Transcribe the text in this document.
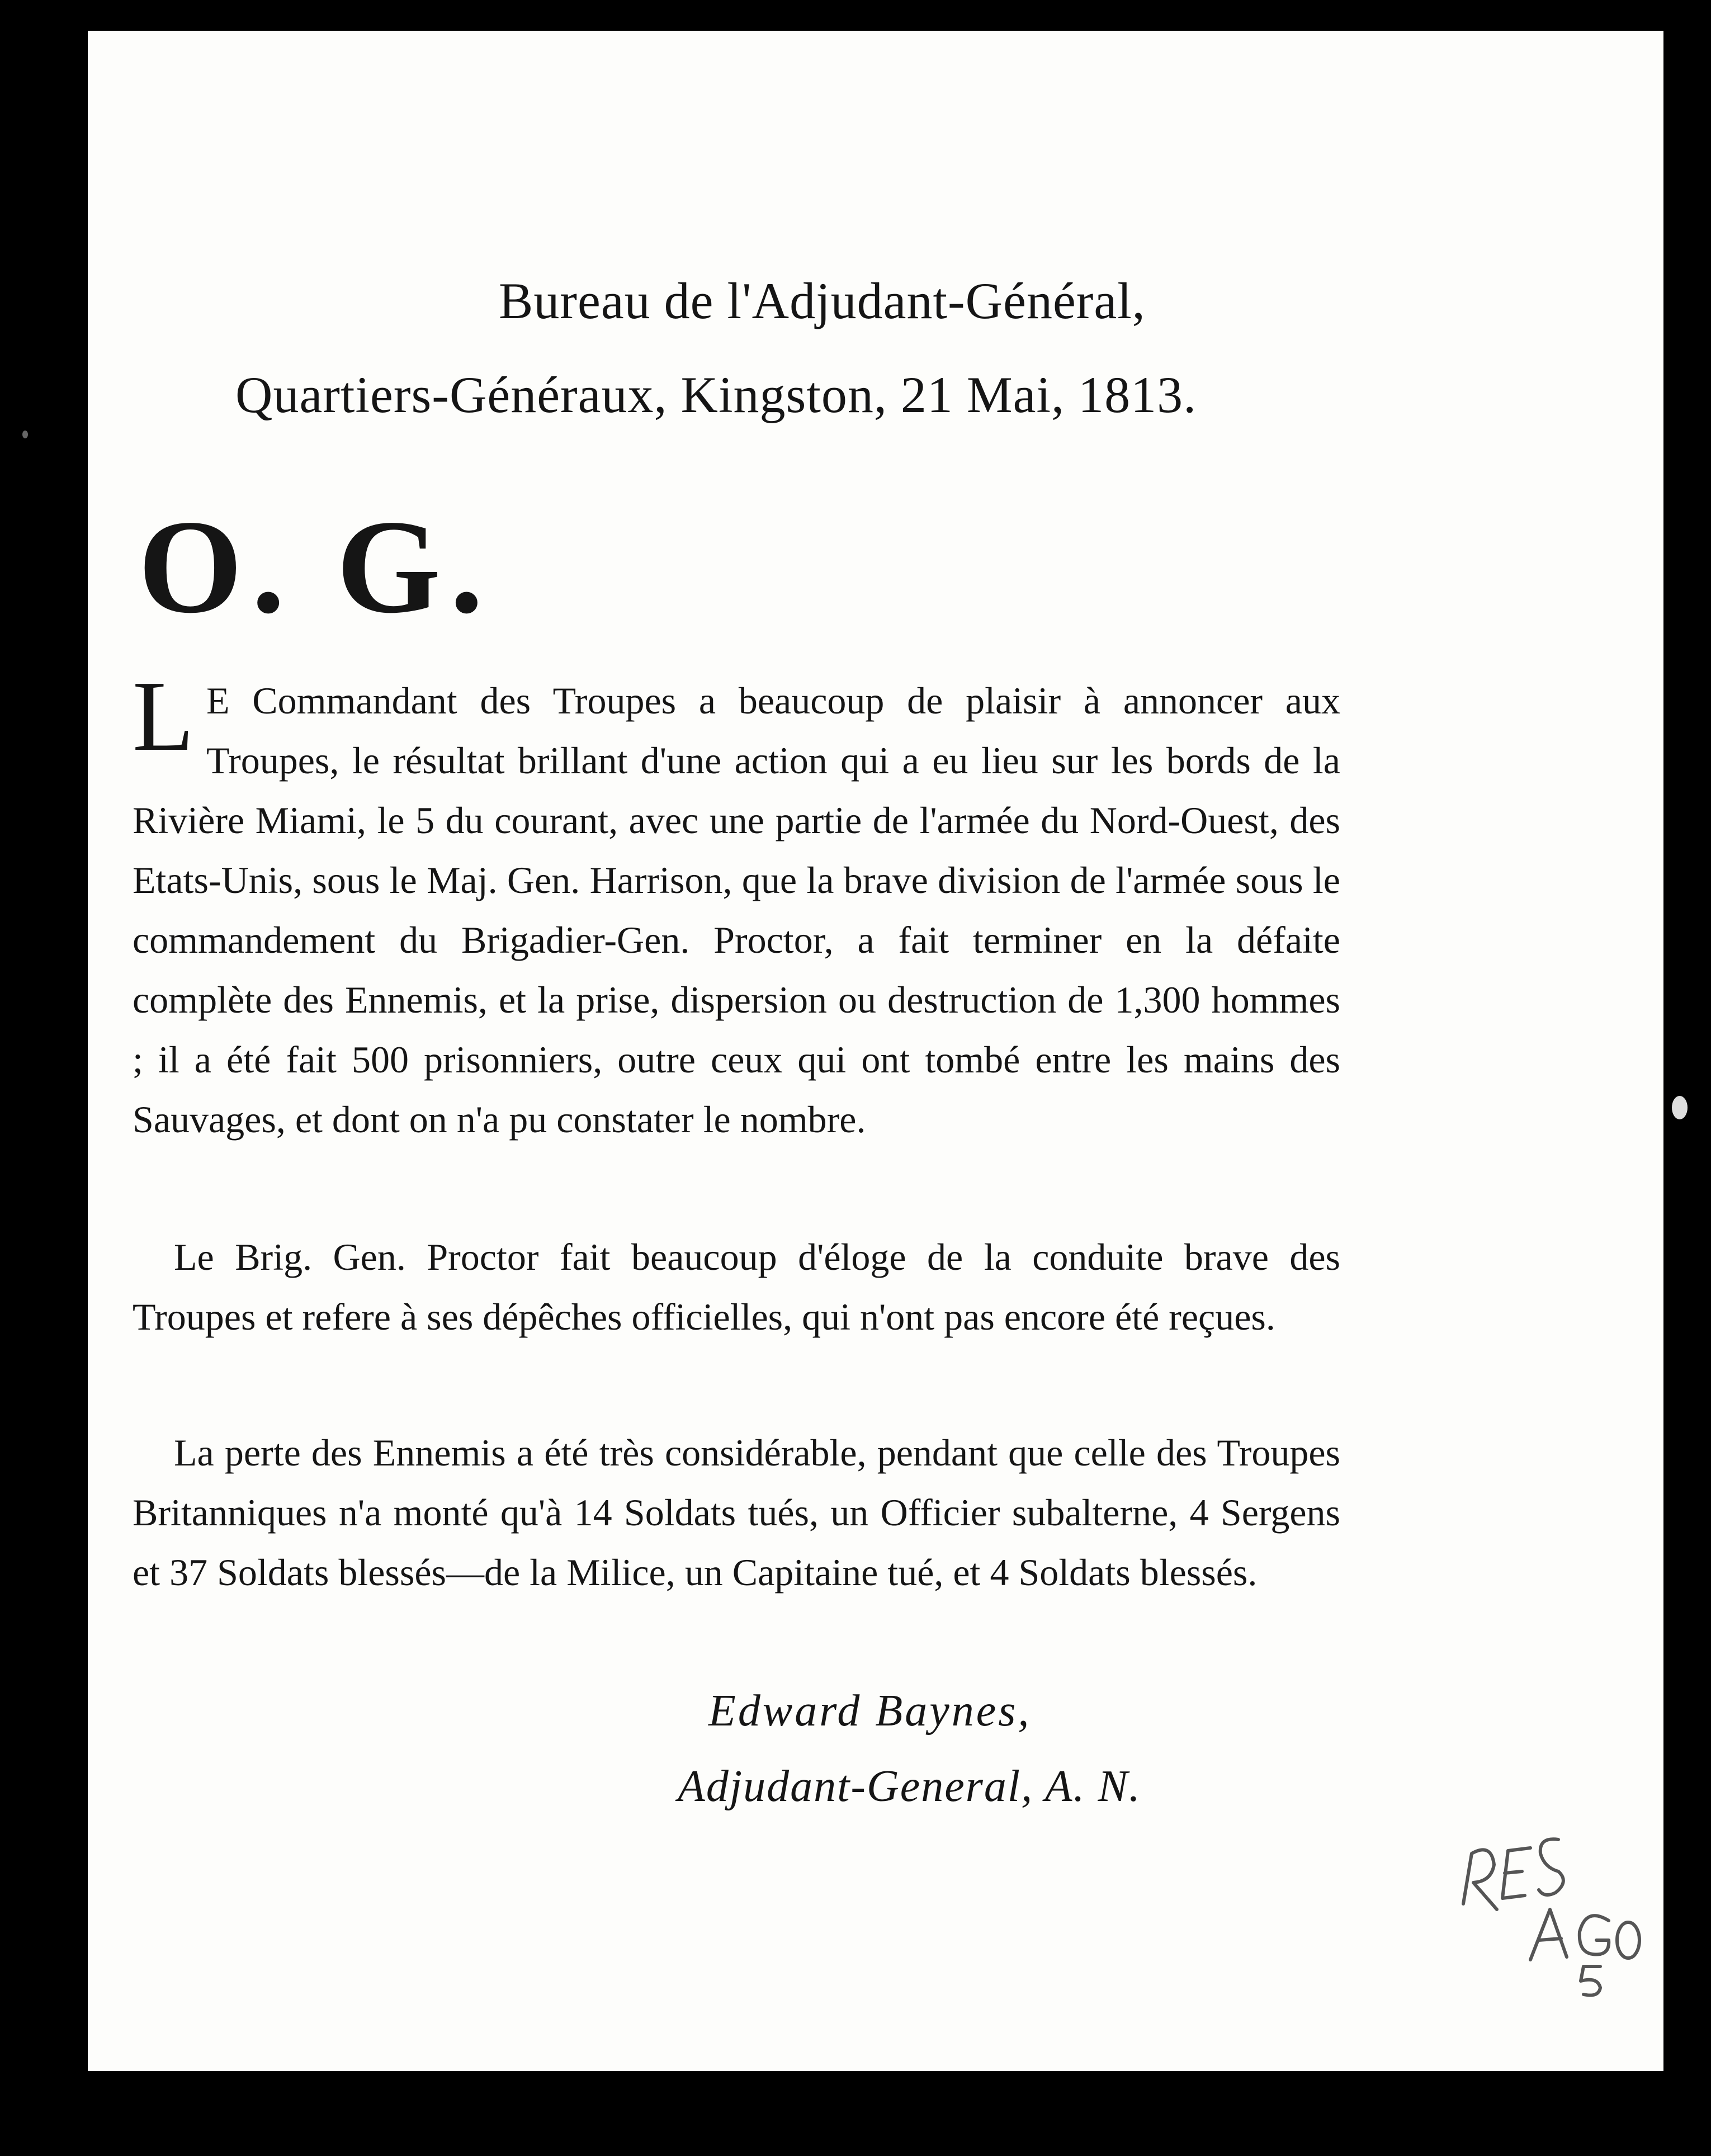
Bureau de l'Adjudant-Général,
Quartiers-Généraux, Kingston, 21 Mai, 1813.
O. G.

L E Commandant des Troupes a beaucoup de plaisir à annoncer aux Troupes, le résultat brillant d'une action qui a eu lieu sur les bords de la Rivière Miami, le 5 du courant, avec une partie de l'armée du Nord-Ouest, des Etats-Unis, sous le Maj. Gen. Harrison, que la brave division de l'armée sous le commandement du Brigadier-Gen. Proctor, a fait terminer en la défaite complète des Ennemis, et la prise, dispersion ou destruction de 1,300 hommes ; il a été fait 500 prisonniers, outre ceux qui ont tombé entre les mains des Sauvages, et dont on n'a pu constater le nombre.

Le Brig. Gen. Proctor fait beaucoup d'éloge de la conduite brave des Troupes et refere à ses dépêches officielles, qui n'ont pas encore été reçues.

La perte des Ennemis a été très considérable, pendant que celle des Troupes Britanniques n'a monté qu'à 14 Soldats tués, un Officier subalterne, 4 Sergens et 37 Soldats blessés—de la Milice, un Capitaine tué, et 4 Soldats blessés.

Edward Baynes,
Adjudant-General, A. N.
